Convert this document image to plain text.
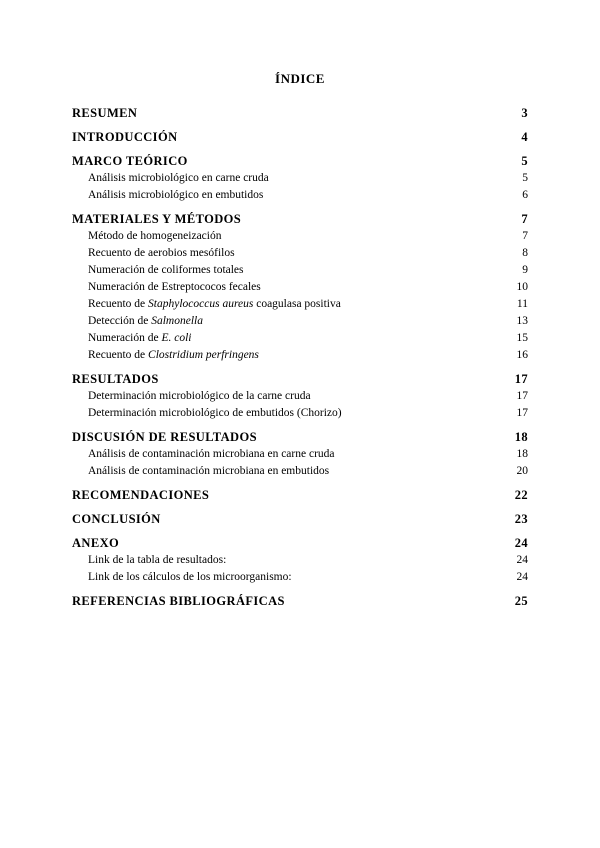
ÍNDICE
RESUMEN	3
INTRODUCCIÓN	4
MARCO TEÓRICO	5
Análisis microbiológico en carne cruda	5
Análisis microbiológico en embutidos	6
MATERIALES Y MÉTODOS	7
Método de homogeneización	7
Recuento de aerobios mesófilos	8
Numeración de coliformes totales	9
Numeración de Estreptococos fecales	10
Recuento de Staphylococcus aureus coagulasa positiva	11
Detección de Salmonella	13
Numeración de E. coli	15
Recuento de Clostridium perfringens	16
RESULTADOS	17
Determinación microbiológico de la carne cruda	17
Determinación microbiológico de embutidos (Chorizo)	17
DISCUSIÓN DE RESULTADOS	18
Análisis de contaminación microbiana en carne cruda	18
Análisis de contaminación microbiana en embutidos	20
RECOMENDACIONES	22
CONCLUSIÓN	23
ANEXO	24
Link de la tabla de resultados:	24
Link de los cálculos de los microorganismo:	24
REFERENCIAS BIBLIOGRÁFICAS	25
